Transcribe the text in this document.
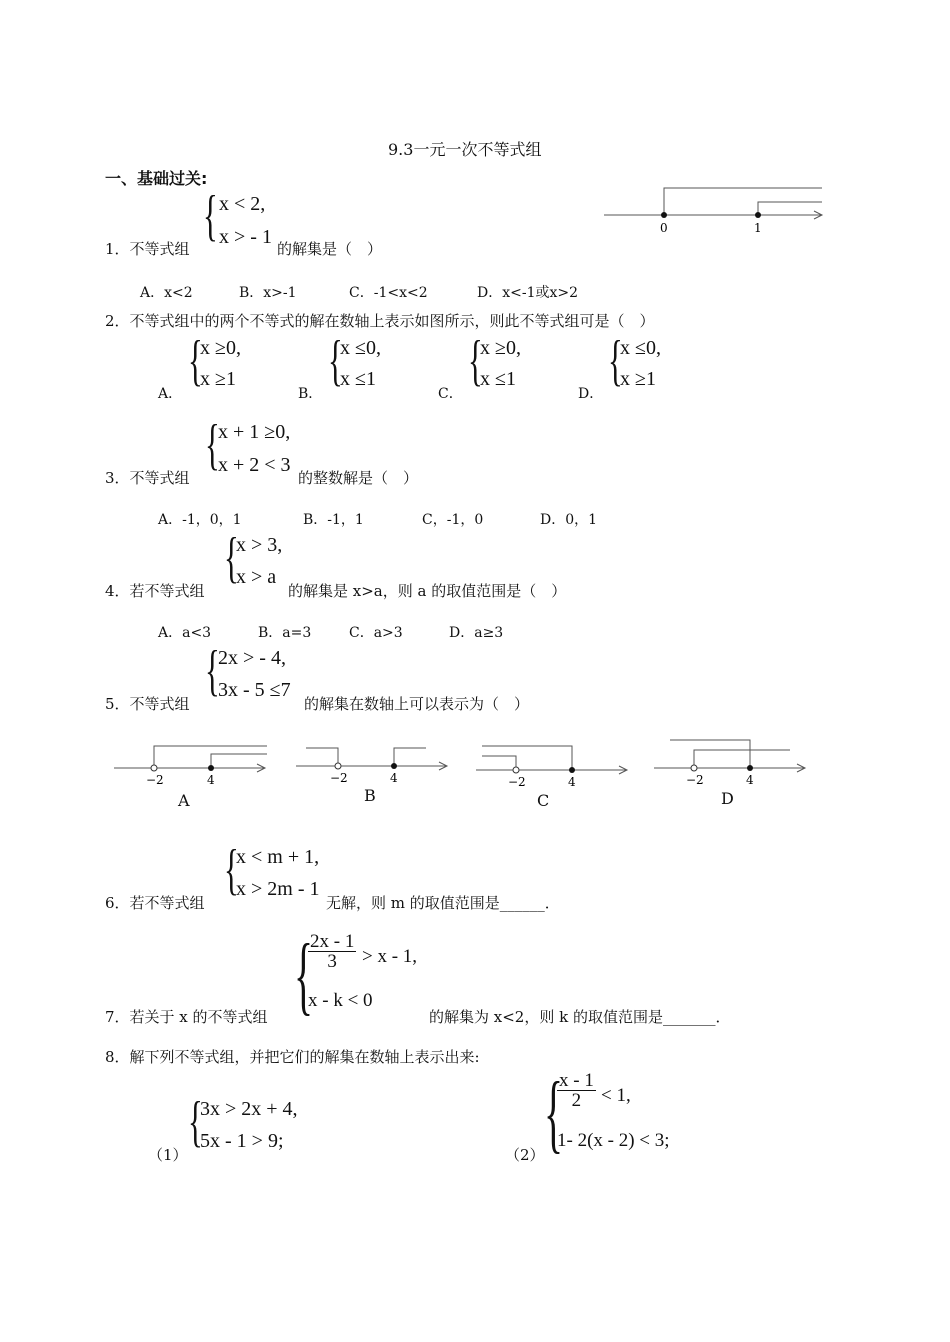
9.3一元一次不等式组
一、基础过关:
1．不等式组
{ x < 2,
x > - 1
的解集是（　）
0	1
A．x<2	B．x>-1	C．-1<x<2	D．x<-1或x>2
2．不等式组中的两个不等式的解在数轴上表示如图所示，则此不等式组可是（　）
A．
{
x ≥0,
x ≥1
B．
{
x ≤0,
x ≤1
C．
{
x ≥0,
x ≤1
D．
{
x ≤0,
x ≥1
3．不等式组
{
x + 1 ≥0,
x + 2 < 3
的整数解是（　）
A．-1，0，1	B．-1，1	C，-1，0	D．0，1
4．若不等式组
{
x > 3,
x > a
的解集是 x>a，则 a 的取值范围是（　）
A．a<3	B．a=3	C．a>3	D．a≥3
5．不等式组
{
2x > - 4,
3x - 5 ≤7
的解集在数轴上可以表示为（　）
−2	4
A
−2	4
B
−2	4
C
−2	4
D
6．若不等式组
{
x < m + 1,
x > 2m - 1
无解，则 m 的取值范围是______．
7．若关于 x 的不等式组 {
$\frac{2x - 1}{3} > x - 1$,
x - k < 0
的解集为 x<2，则 k 的取值范围是_______．
8．解下列不等式组，并把它们的解集在数轴上表示出来:
（1）
{
3x > 2x + 4,
5x - 1 > 9;
（2） {
$\frac{x - 1}{2} < 1$,
1- 2(x - 2) < 3;
